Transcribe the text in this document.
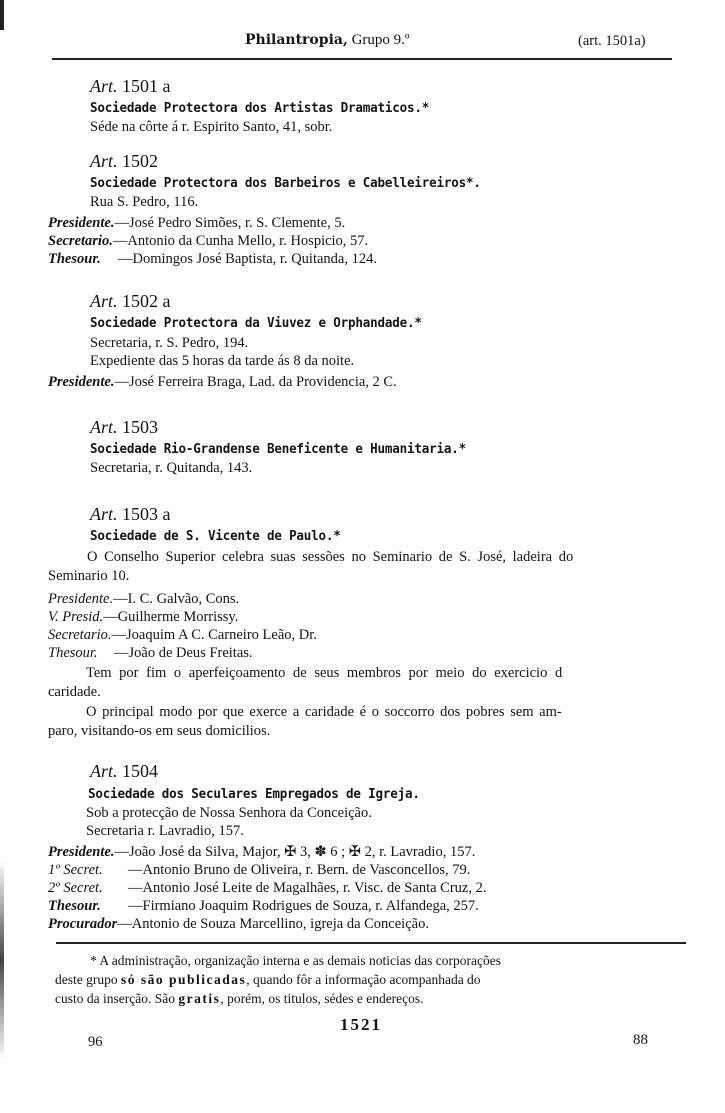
Philantropia, Grupo 9.º	(art. 1501a)
Art. 1501 a
Sociedade Protectora dos Artistas Dramaticos.*
Séde na côrte á r. Espirito Santo, 41, sobr.
Art. 1502
Sociedade Protectora dos Barbeiros e Cabelleireiros*.
Rua S. Pedro, 116.
Presidente.—José Pedro Simões, r. S. Clemente, 5.
Secretario.—Antonio da Cunha Mello, r. Hospicio, 57.
Thesour. —Domingos José Baptista, r. Quitanda, 124.
Art. 1502 a
Sociedade Protectora da Viuvez e Orphandade.*
Secretaria, r. S. Pedro, 194.
Expediente das 5 horas da tarde ás 8 da noite.
Presidente.—José Ferreira Braga, Lad. da Providencia, 2 C.
Art. 1503
Sociedade Rio-Grandense Beneficente e Humanitaria.*
Secretaria, r. Quitanda, 143.
Art. 1503 a
Sociedade de S. Vicente de Paulo.*
O Conselho Superior celebra suas sessões no Seminario de S. José, ladeira do
Seminario 10.
Presidente.—I. C. Galvão, Cons.
V. Presid.—Guilherme Morrissy.
Secretario.—Joaquim A C. Carneiro Leão, Dr.
Thesour. —João de Deus Freitas.
Tem por fim o aperfeiçoamento de seus membros por meio do exercicio d
caridade.
O principal modo por que exerce a caridade é o soccorro dos pobres sem am-
paro, visitando-os em seus domicilios.
Art. 1504
Sociedade dos Seculares Empregados de Igreja.
Sob a protecção de Nossa Senhora da Conceição.
Secretaria r. Lavradio, 157.
Presidente.—João José da Silva, Major, ✠ 3, ✽ 6 ; ✠ 2, r. Lavradio, 157.
1º Secret. —Antonio Bruno de Oliveira, r. Bern. de Vasconcellos, 79.
2º Secret. —Antonio José Leite de Magalhães, r. Visc. de Santa Cruz, 2.
Thesour. —Firmiano Joaquim Rodrigues de Souza, r. Alfandega, 257.
Procurador—Antonio de Souza Marcellino, igreja da Conceição.
* A administração, organização interna e as demais noticias das corporações
deste grupo só são publicadas, quando fôr a informação acompanhada do
custo da inserção. São gratis, porém, os titulos, sédes e endereços.
1521
96	88
